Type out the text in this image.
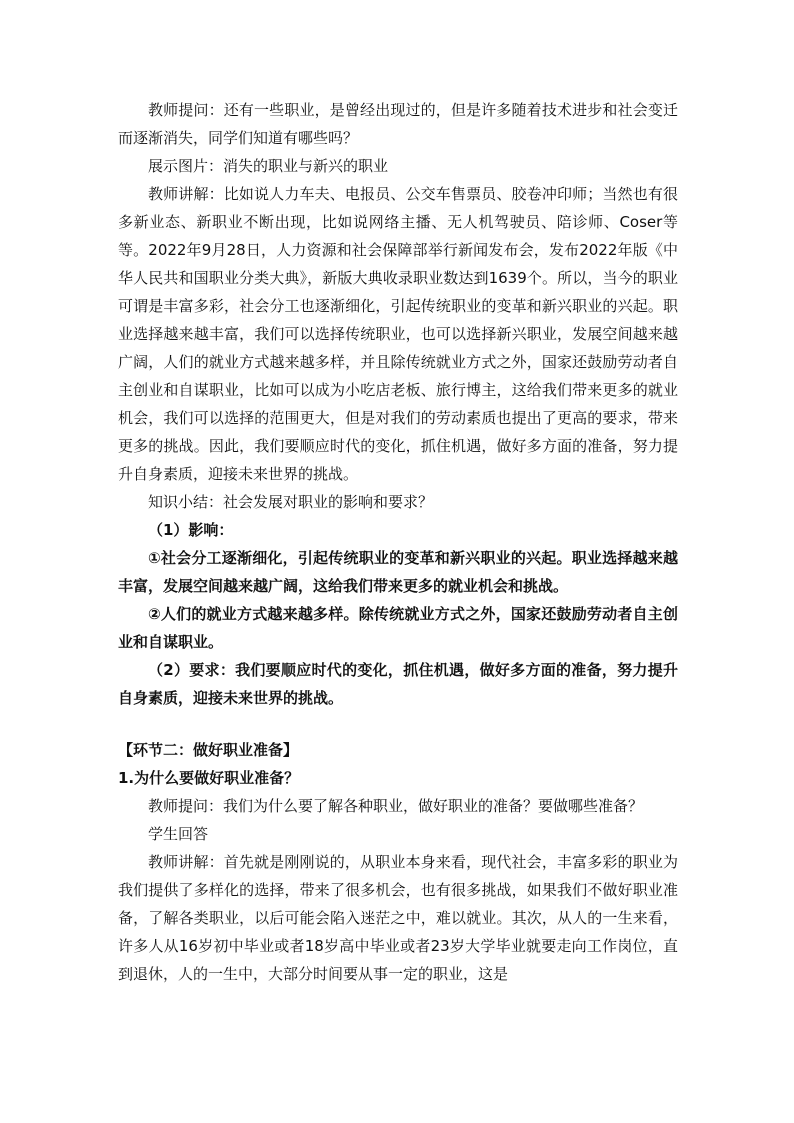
教师提问：还有一些职业，是曾经出现过的，但是许多随着技术进步和社会变迁而逐渐消失，同学们知道有哪些吗？

展示图片：消失的职业与新兴的职业

教师讲解：比如说人力车夫、电报员、公交车售票员、胶卷冲印师；当然也有很多新业态、新职业不断出现，比如说网络主播、无人机驾驶员、陪诊师、Coser等等。2022年9月28日，人力资源和社会保障部举行新闻发布会，发布2022年版《中华人民共和国职业分类大典》，新版大典收录职业数达到1639个。所以，当今的职业可谓是丰富多彩，社会分工也逐渐细化，引起传统职业的变革和新兴职业的兴起。职业选择越来越丰富，我们可以选择传统职业，也可以选择新兴职业，发展空间越来越广阔，人们的就业方式越来越多样，并且除传统就业方式之外，国家还鼓励劳动者自主创业和自谋职业，比如可以成为小吃店老板、旅行博主，这给我们带来更多的就业机会，我们可以选择的范围更大，但是对我们的劳动素质也提出了更高的要求，带来更多的挑战。因此，我们要顺应时代的变化，抓住机遇，做好多方面的准备，努力提升自身素质，迎接未来世界的挑战。

知识小结：社会发展对职业的影响和要求？

（1）影响：

①社会分工逐渐细化，引起传统职业的变革和新兴职业的兴起。职业选择越来越丰富，发展空间越来越广阔，这给我们带来更多的就业机会和挑战。

②人们的就业方式越来越多样。除传统就业方式之外，国家还鼓励劳动者自主创业和自谋职业。

（2）要求：我们要顺应时代的变化，抓住机遇，做好多方面的准备，努力提升自身素质，迎接未来世界的挑战。

【环节二：做好职业准备】

1.为什么要做好职业准备？

教师提问：我们为什么要了解各种职业，做好职业的准备？要做哪些准备？

学生回答

教师讲解：首先就是刚刚说的，从职业本身来看，现代社会，丰富多彩的职业为我们提供了多样化的选择，带来了很多机会，也有很多挑战，如果我们不做好职业准备，了解各类职业，以后可能会陷入迷茫之中，难以就业。其次，从人的一生来看，许多人从16岁初中毕业或者18岁高中毕业或者23岁大学毕业就要走向工作岗位，直到退休，人的一生中，大部分时间要从事一定的职业，这是
